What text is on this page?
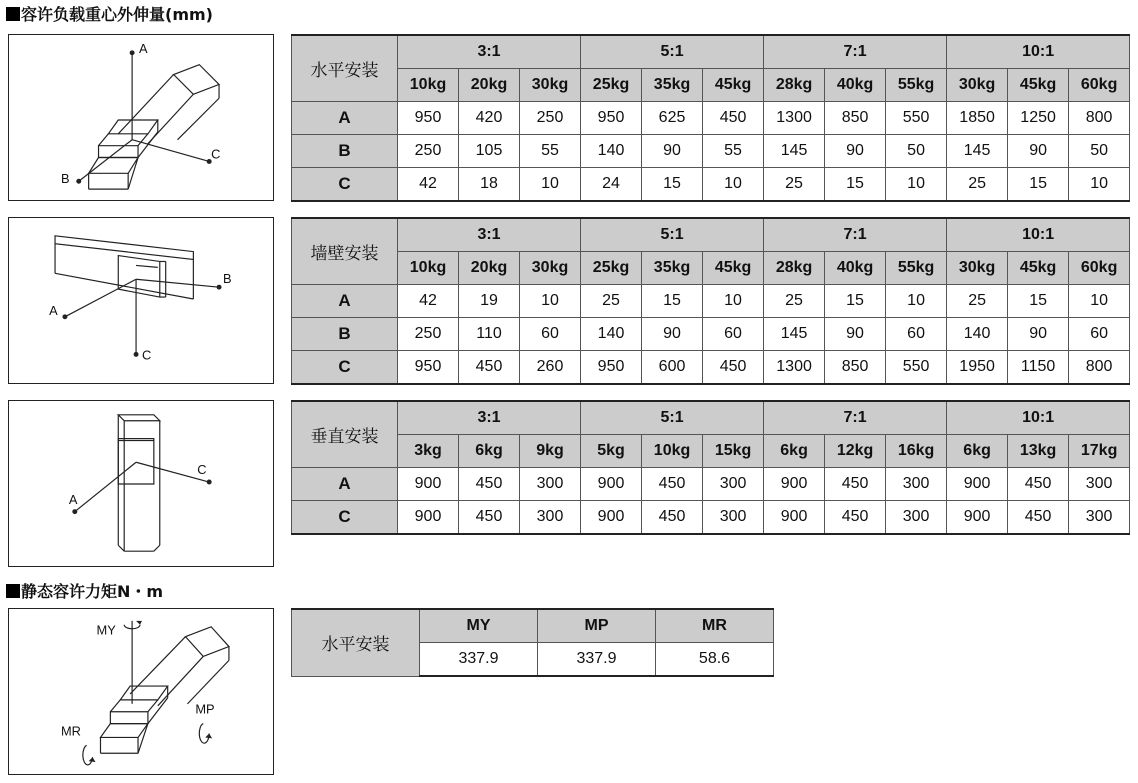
容许负载重心外伸量(mm)
A
C
B
水平安装	3:1			5:1			7:1			10:1		
	10kg	20kg	30kg	25kg	35kg	45kg	28kg	40kg	55kg	30kg	45kg	60kg
A	950	420	250	950	625	450	1300	850	550	1850	1250	800
B	250	105	55	140	90	55	145	90	50	145	90	50
C	42	18	10	24	15	10	25	15	10	25	15	10
B
A
C
墙壁安装	3:1			5:1			7:1			10:1		
	10kg	20kg	30kg	25kg	35kg	45kg	28kg	40kg	55kg	30kg	45kg	60kg
A	42	19	10	25	15	10	25	15	10	25	15	10
B	250	110	60	140	90	60	145	90	60	140	90	60
C	950	450	260	950	600	450	1300	850	550	1950	1150	800
C
A
垂直安装	3:1			5:1			7:1			10:1		
	3kg	6kg	9kg	5kg	10kg	15kg	6kg	12kg	16kg	6kg	13kg	17kg
A	900	450	300	900	450	300	900	450	300	900	450	300
C	900	450	300	900	450	300	900	450	300	900	450	300
静态容许力矩N・m
MY
MP
MR
水平安装	MY	MP	MR
	337.9	337.9	58.6
